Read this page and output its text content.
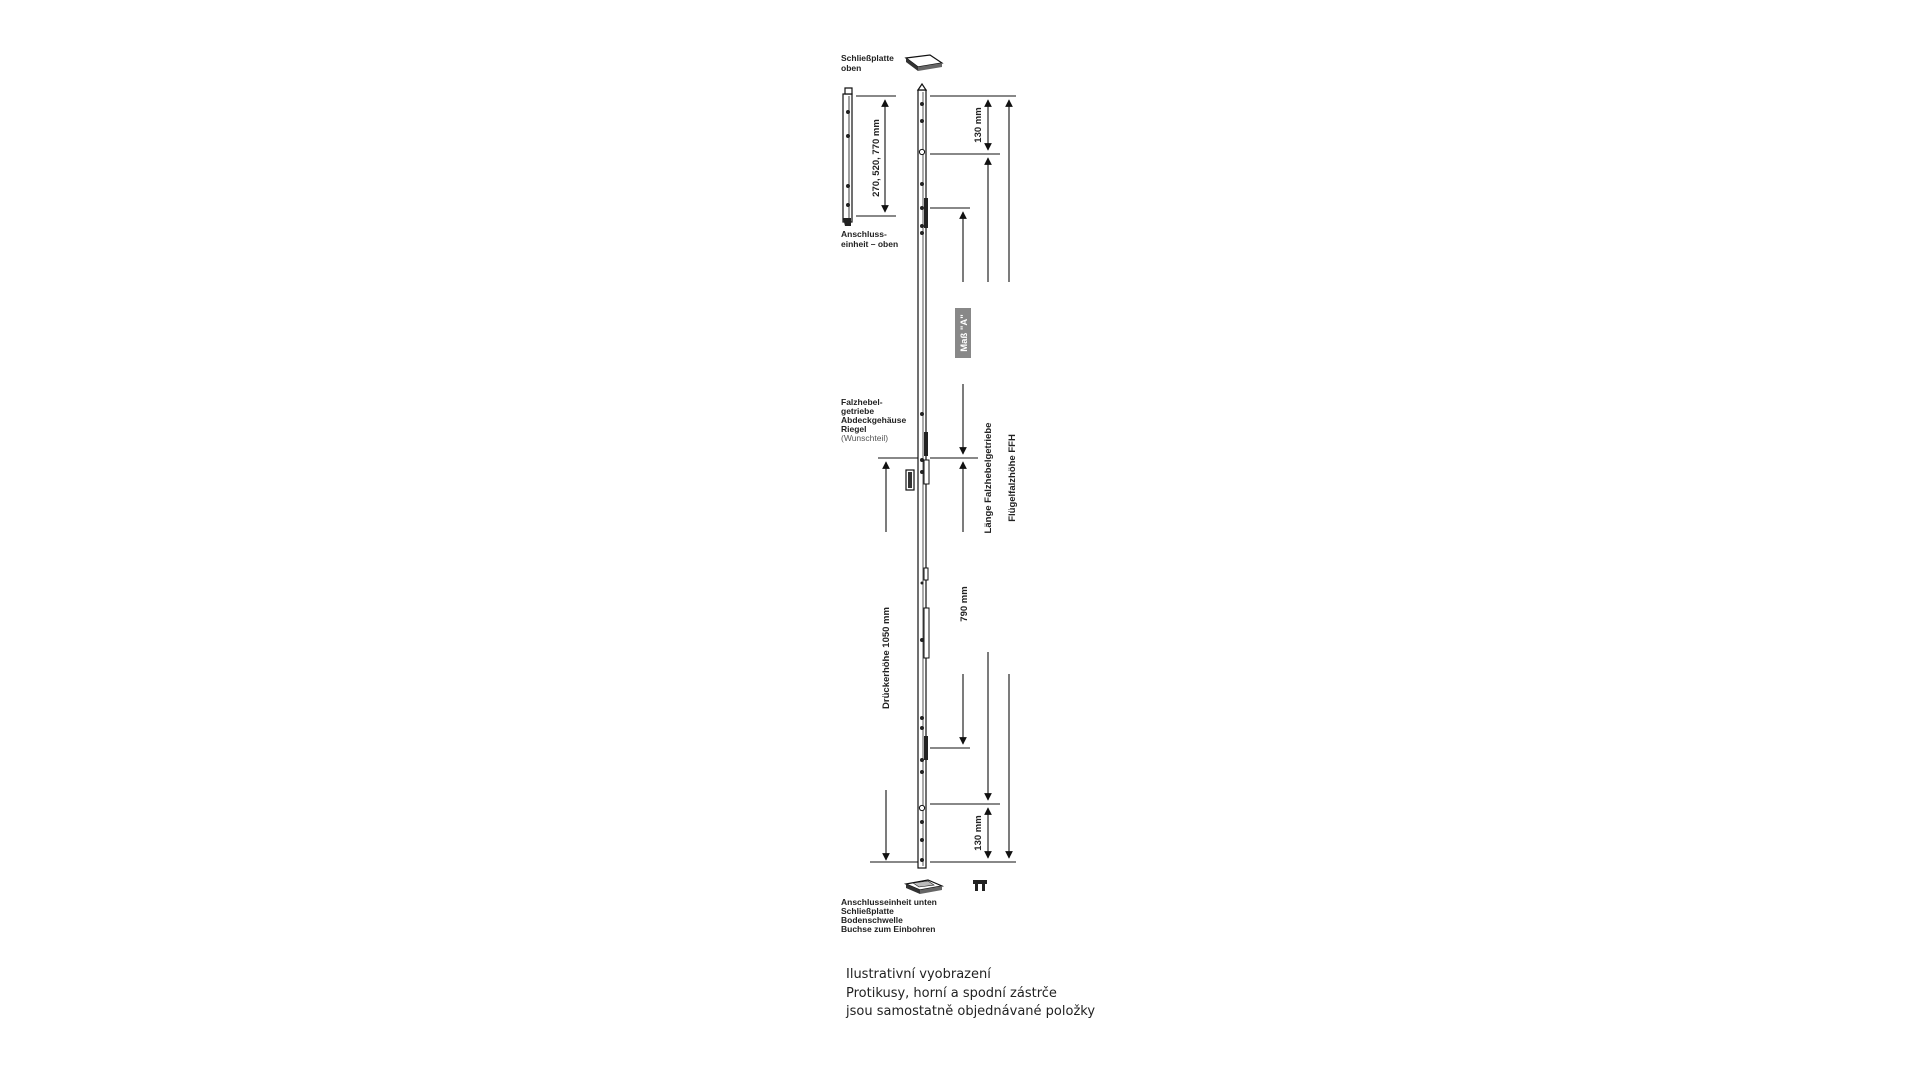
Schließplatte oben
270, 520, 770 mm
Anschluss- einheit – oben
Falzhebel- getriebe Abdeckgehäuse Riegel
(Wunschteil)
Drückerhöhe 1050 mm
130 mm
Länge Falzhebelgetriebe
130 mm
Flügelfalzhöhe FFH
Maß "A"
790 mm
Anschlusseinheit unten Schließplatte Bodenschwelle Buchse zum Einbohren
Ilustrativní vyobrazení
Protikusy, horní a spodní zástrče
jsou samostatně objednávané položky
